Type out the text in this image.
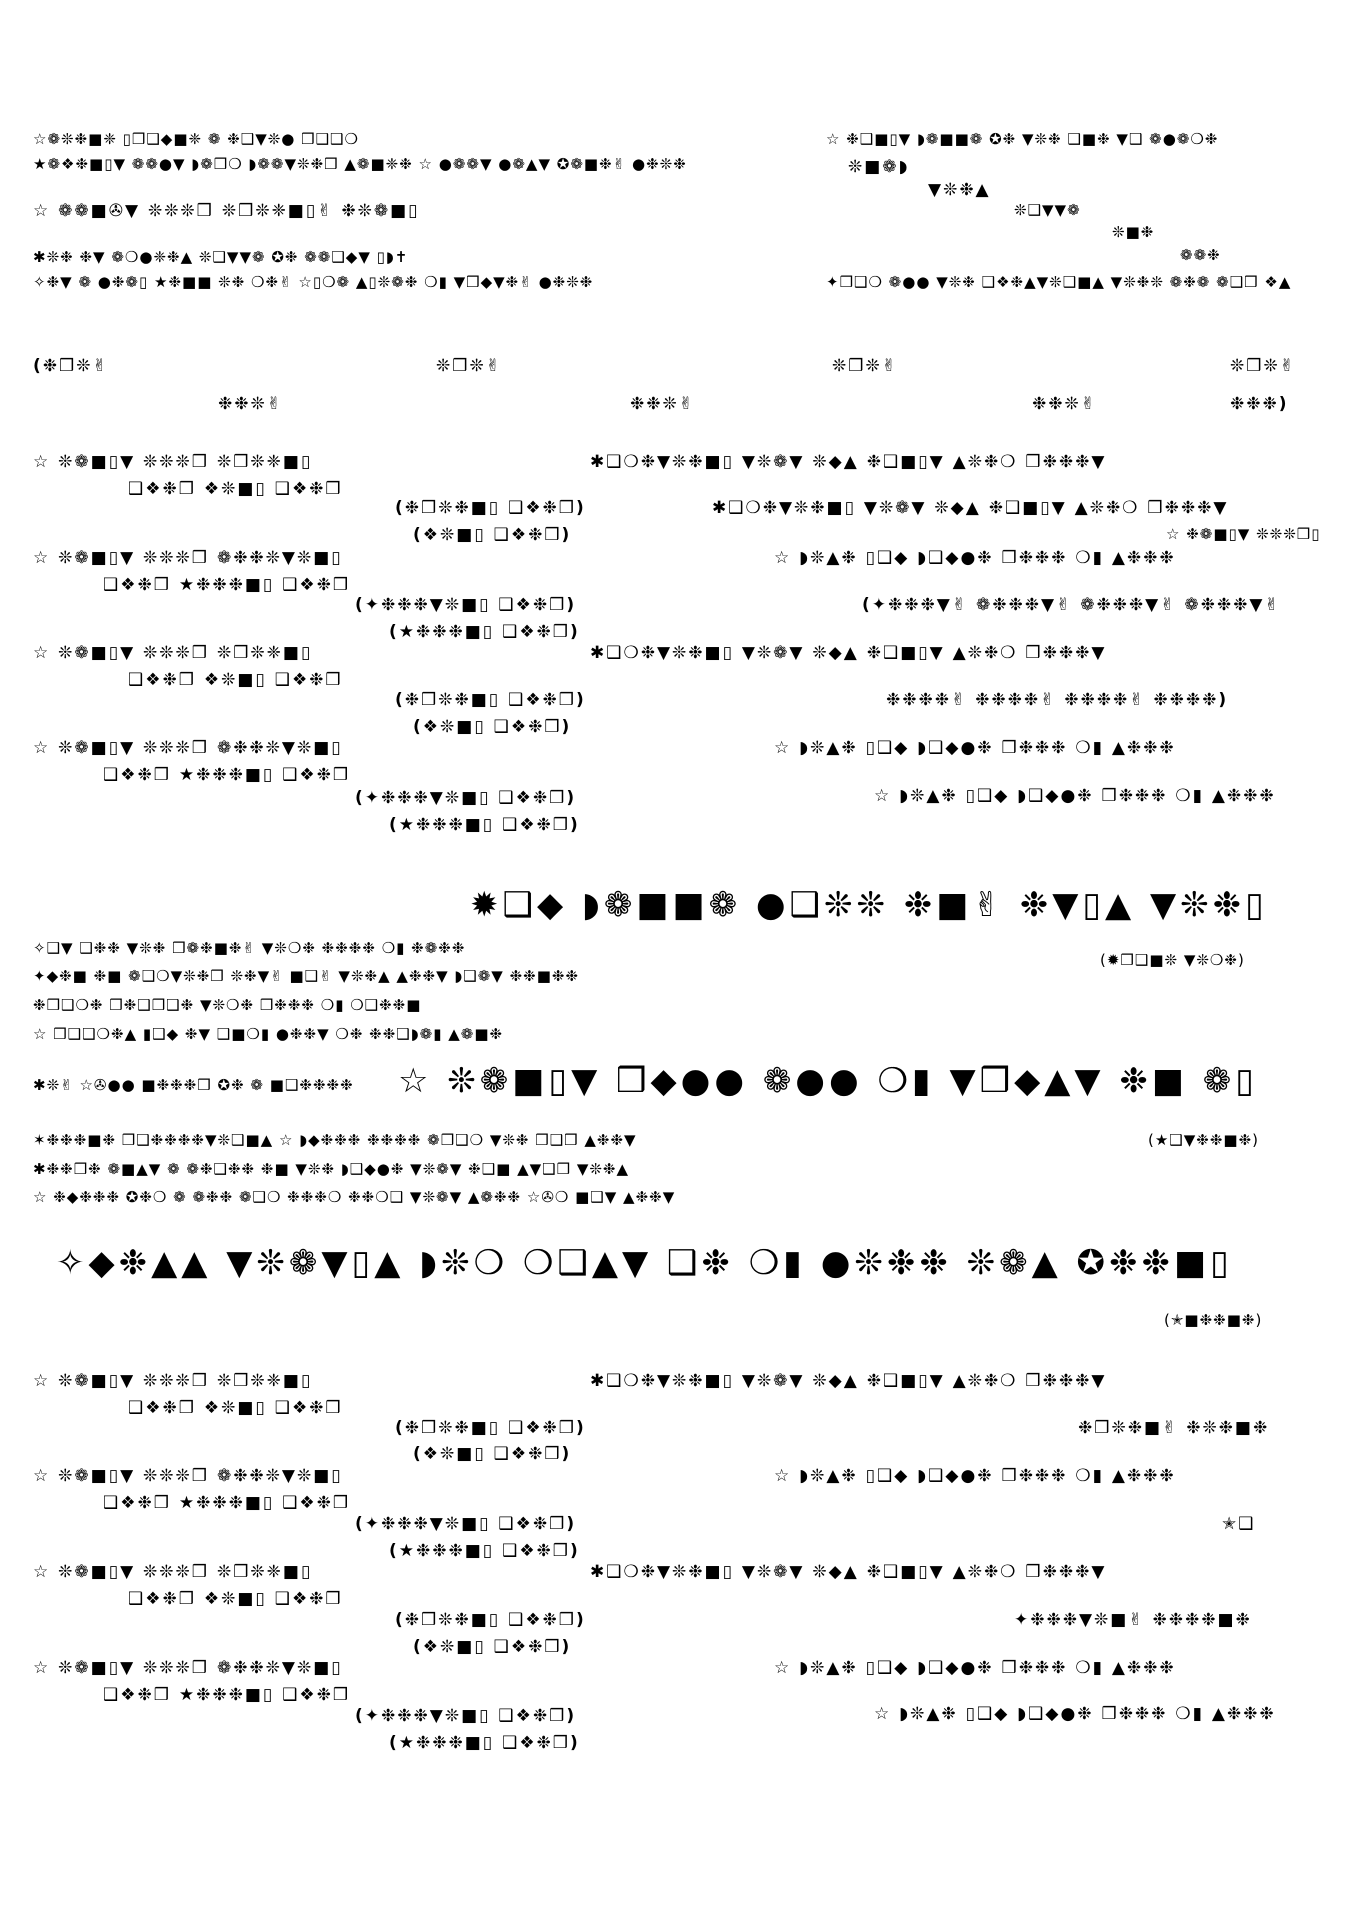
☆❁❊❉■❈ ▯❒❑◆■❈ ❁ ❉❑▼❊● ❒❑❑❍

★❁❖❉■▯▼ ❁❁●▼ ◗❁❒❍ ◗❁❁▼❊❉❒ ▲❁■❈❉ ☆ ●❁❁▼ ●❁▲▼ ✪❁■❉✌ ●❉❊❉

☆ ❁❁■✇▼ ❊❊❊❒ ❊❒❊❈■▯✌ ❉❊❁■▯

✱❊❉ ❉▼ ❁❍●❈❉▲ ❊❑▼▼❁ ✪❉ ❁❁❑◆▼ ▯◗✝

✧❉▼ ❁ ●❉❁▯ ★❉■■ ❊❉ ❍❉✌ ☆▯❍❁ ▲▯❊❁❉ ❍▮ ▼❒◆▼❉✌ ●❉❊❉

☆ ❉❑■▯▼ ◗❁■■❁ ✪❉ ▼❊❉ ❑■❉ ▼❑ ❁●❁❍❉

❊■❁◗

▼❊❉▲

❊❑▼▼❁

❊■❉

❁❁❉

✦❒❑❍ ❁●● ▼❊❉ ❑❖❉▲▼❊❑■▲ ▼❊❉❊ ❁❉❁ ❁❑❒ ❖▲

(❉❒❊✌	❊❒❊✌	❊❒❊✌	❊❒❊✌

❉❉❊✌	❉❉❊✌	❉❉❊✌	❉❉❉)

☆ ❊❁■▯▼ ❊❊❊❒ ❊❒❊❈■▯

❑❖❉❒ ❖❊■▯ ❑❖❉❒

(❉❒❊❉■▯ ❑❖❉❒)

(❖❊■▯ ❑❖❉❒)

☆ ❊❁■▯▼ ❊❊❊❒ ❁❉❉❊▼❊■▯

❑❖❉❒ ★❉❉❉■▯ ❑❖❉❒

(✦❉❉❉▼❊■▯ ❑❖❉❒)

(★❉❉❉■▯ ❑❖❉❒)

☆ ❊❁■▯▼ ❊❊❊❒ ❊❒❊❈■▯

❑❖❉❒ ❖❊■▯ ❑❖❉❒

(❉❒❊❉■▯ ❑❖❉❒)

(❖❊■▯ ❑❖❉❒)

☆ ❊❁■▯▼ ❊❊❊❒ ❁❉❉❊▼❊■▯

❑❖❉❒ ★❉❉❉■▯ ❑❖❉❒

(✦❉❉❉▼❊■▯ ❑❖❉❒)

(★❉❉❉■▯ ❑❖❉❒)

✱❑❍❉▼❊❉■▯ ▼❊❁▼ ❊◆▲ ❉❑■▯▼ ▲❊❉❍ ❒❉❉❉▼

✱❑❍❉▼❊❉■▯ ▼❊❁▼ ❊◆▲ ❉❑■▯▼ ▲❊❉❍ ❒❉❉❉▼

☆ ❉❁■▯▼ ❊❊❊❒▯

☆ ◗❊▲❉ ▯❑◆ ◗❑◆●❉ ❒❉❉❉ ❍▮ ▲❉❉❉

(✦❉❉❉▼✌ ❁❉❉❉▼✌ ❁❉❉❉▼✌ ❁❉❉❉▼✌

✱❑❍❉▼❊❉■▯ ▼❊❁▼ ❊◆▲ ❉❑■▯▼ ▲❊❉❍ ❒❉❉❉▼

❉❉❉❉✌ ❉❉❉❉✌ ❉❉❉❉✌ ❉❉❉❉)

☆ ◗❊▲❉ ▯❑◆ ◗❑◆●❉ ❒❉❉❉ ❍▮ ▲❉❉❉

☆ ◗❊▲❉ ▯❑◆ ◗❑◆●❉ ❒❉❉❉ ❍▮ ▲❉❉❉

✹❑◆ ◗❁■■❁ ●❑❊❊ ❉■✌ ❉▼▯▲ ▼❊❉▯

(✹❒❑■❊ ▼❊❍❉)

✧❑▼ ❑❉❉ ▼❊❉ ❒❁❉■❉✌ ▼❊❍❉ ❉❉❉❉ ❍▮ ❉❁❉❉

✦◆❉■ ❉■ ❁❑❍▼❊❉❒ ❊❉▼✌ ■❑✌ ▼❊❉▲ ▲❉❉▼ ◗❑❁▼ ❉❉■❉❉

❉❒❑❍❉ ❒❉❑❒❑❉ ▼❊❍❉ ❒❉❉❉ ❍▮ ❍❑❉❉■

☆ ❒❑❑❍❉▲ ▮❑◆ ❉▼ ❑■❍▮ ●❉❉▼ ❍❉ ❉❉❑◗❁▮ ▲❁■❉

✱❊✌ ☆✇●● ■❉❉❉❒ ✪❉ ❁ ■❑❉❉❉❉ ☆ ❊❁■▯▼ ❒◆●● ❁●● ❍▮ ▼❒◆▲▼ ❉■ ❁▯

(★❑▼❉❉■❉)

✶❉❉❉■❉ ❒❑❉❉❉❉▼❊❑■▲ ☆ ◗◆❉❉❉ ❉❉❉❉ ❁❒❑❍ ▼❊❉ ❒❑❒ ▲❉❉▼

✱❉❉❒❉ ❁■▲▼ ❁ ❁❉❑❉❉ ❉■ ▼❊❉ ◗❑◆●❉ ▼❊❁▼ ❉❑■ ▲▼❑❒ ▼❊❉▲

☆ ❉◆❉❉❉ ✪❉❍ ❁ ❁❉❉ ❁❑❍ ❉❉❉❍ ❉❉❍❑ ▼❊❁▼ ▲❁❉❉ ☆✇❍ ■❑▼ ▲❉❉▼

✧◆❉▲▲ ▼❊❁▼▯▲ ◗❊❍ ❍❑▲▼ ❑❉ ❍▮ ●❊❉❉ ❊❁▲ ✪❉❉■▯

(✭■❉❉■❉)

☆ ❊❁■▯▼ ❊❊❊❒ ❊❒❊❈■▯

❑❖❉❒ ❖❊■▯ ❑❖❉❒

(❉❒❊❉■▯ ❑❖❉❒)

(❖❊■▯ ❑❖❉❒)

☆ ❊❁■▯▼ ❊❊❊❒ ❁❉❉❊▼❊■▯

❑❖❉❒ ★❉❉❉■▯ ❑❖❉❒

(✦❉❉❉▼❊■▯ ❑❖❉❒)

(★❉❉❉■▯ ❑❖❉❒)

☆ ❊❁■▯▼ ❊❊❊❒ ❊❒❊❈■▯

❑❖❉❒ ❖❊■▯ ❑❖❉❒

(❉❒❊❉■▯ ❑❖❉❒)

(❖❊■▯ ❑❖❉❒)

☆ ❊❁■▯▼ ❊❊❊❒ ❁❉❉❊▼❊■▯

❑❖❉❒ ★❉❉❉■▯ ❑❖❉❒

(✦❉❉❉▼❊■▯ ❑❖❉❒)

(★❉❉❉■▯ ❑❖❉❒)

✱❑❍❉▼❊❉■▯ ▼❊❁▼ ❊◆▲ ❉❑■▯▼ ▲❊❉❍ ❒❉❉❉▼

❉❒❊❉■✌ ❉❊❉■❉

☆ ◗❊▲❉ ▯❑◆ ◗❑◆●❉ ❒❉❉❉ ❍▮ ▲❉❉❉

✭❑

✱❑❍❉▼❊❉■▯ ▼❊❁▼ ❊◆▲ ❉❑■▯▼ ▲❊❉❍ ❒❉❉❉▼

✦❉❉❉▼❊■✌ ❉❉❉❉■❉

☆ ◗❊▲❉ ▯❑◆ ◗❑◆●❉ ❒❉❉❉ ❍▮ ▲❉❉❉

☆ ◗❊▲❉ ▯❑◆ ◗❑◆●❉ ❒❉❉❉ ❍▮ ▲❉❉❉
